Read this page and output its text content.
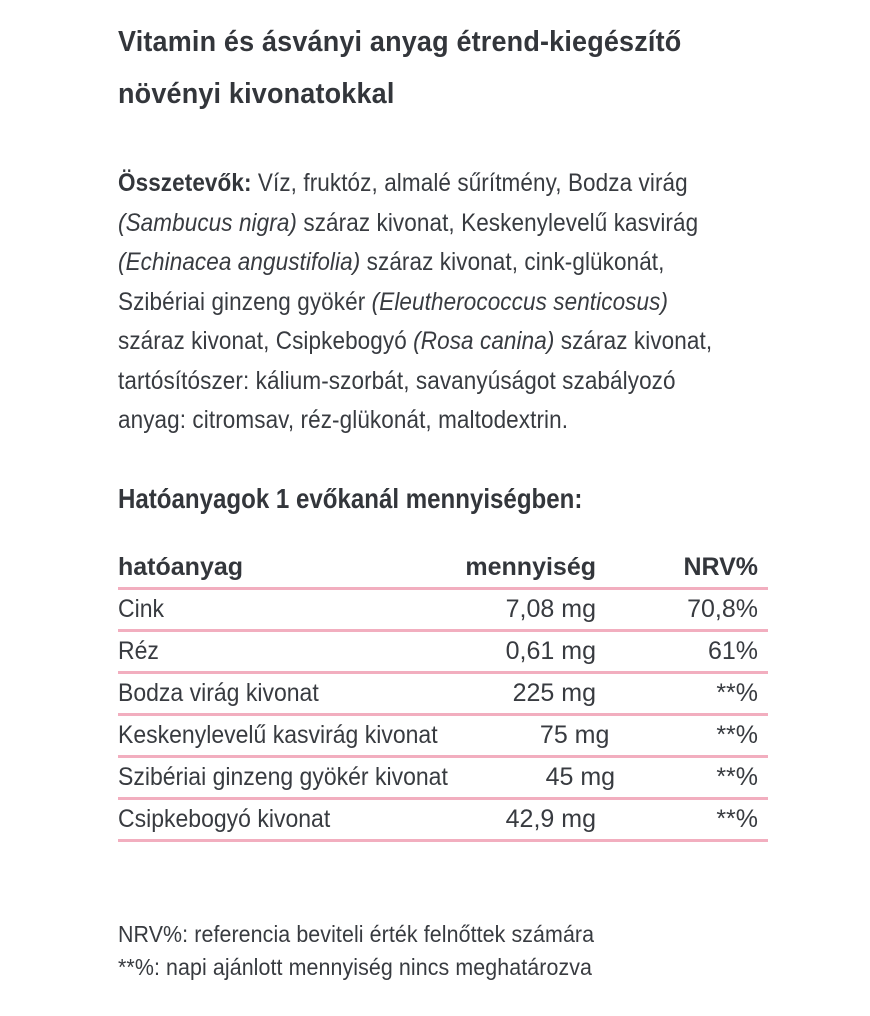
Vitamin és ásványi anyag étrend-kiegészítő
növényi kivonatokkal
Összetevők: Víz, fruktóz, almalé sűrítmény, Bodza virág
(Sambucus nigra) száraz kivonat, Keskenylevelű kasvirág
(Echinacea angustifolia) száraz kivonat, cink-glükonát,
Szibériai ginzeng gyökér (Eleutherococcus senticosus)
száraz kivonat, Csipkebogyó (Rosa canina) száraz kivonat,
tartósítószer: kálium-szorbát, savanyúságot szabályozó
anyag: citromsav, réz-glükonát, maltodextrin.
Hatóanyagok 1 evőkanál mennyiségben:
hatóanyag	mennyiség	NRV%
Cink	7,08 mg	70,8%
Réz	0,61 mg	61%
Bodza virág kivonat	225 mg	**%
Keskenylevelű kasvirág kivonat	75 mg	**%
Szibériai ginzeng gyökér kivonat	45 mg	**%
Csipkebogyó kivonat	42,9 mg	**%
NRV%: referencia beviteli érték felnőttek számára
**%: napi ajánlott mennyiség nincs meghatározva
